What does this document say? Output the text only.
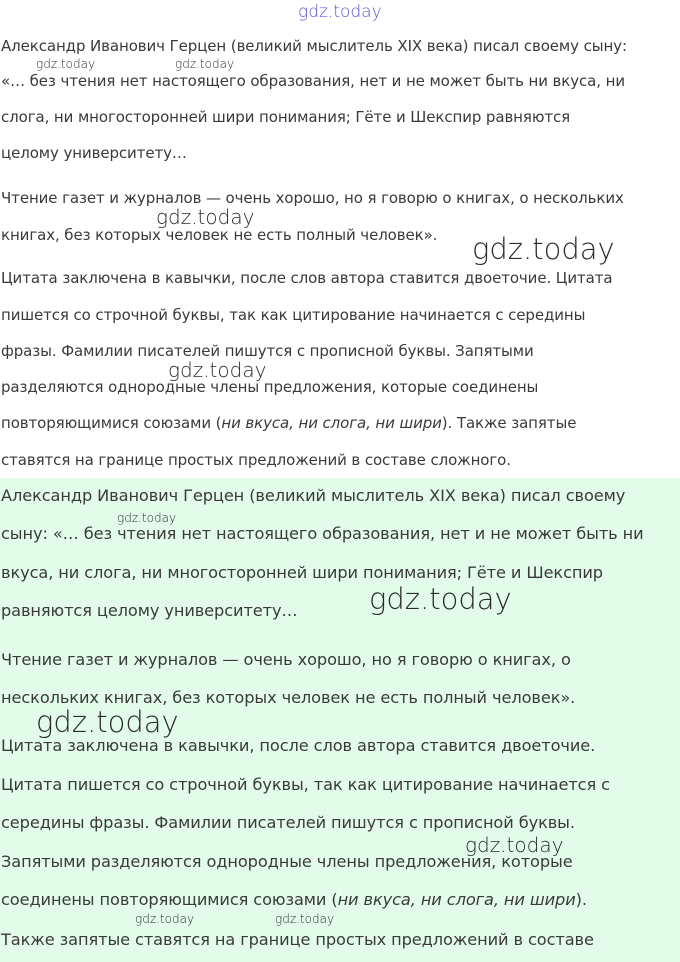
Александр Иванович Герцен (великий мыслитель XIX века) писал своему сыну:
«… без чтения нет настоящего образования, нет и не может быть ни вкуса, ни
слога, ни многосторонней шири понимания; Гёте и Шекспир равняются
целому университету…
Чтение газет и журналов — очень хорошо, но я говорю о книгах, о нескольких
книгах, без которых человек не есть полный человек».
Цитата заключена в кавычки, после слов автора ставится двоеточие. Цитата
пишется со строчной буквы, так как цитирование начинается с середины
фразы. Фамилии писателей пишутся с прописной буквы. Запятыми
разделяются однородные члены предложения, которые соединены
повторяющимися союзами (ни вкуса, ни слога, ни шири). Также запятые
ставятся на границе простых предложений в составе сложного.
Александр Иванович Герцен (великий мыслитель XIX века) писал своему
сыну: «… без чтения нет настоящего образования, нет и не может быть ни
вкуса, ни слога, ни многосторонней шири понимания; Гёте и Шекспир
равняются целому университету…
Чтение газет и журналов — очень хорошо, но я говорю о книгах, о
нескольких книгах, без которых человек не есть полный человек».
Цитата заключена в кавычки, после слов автора ставится двоеточие.
Цитата пишется со строчной буквы, так как цитирование начинается с
середины фразы. Фамилии писателей пишутся с прописной буквы.
Запятыми разделяются однородные члены предложения, которые
соединены повторяющимися союзами (ни вкуса, ни слога, ни шири).
Также запятые ставятся на границе простых предложений в составе
gdz.today
gdz.today	gdz.today
gdz.today
gdz.today
gdz.today
gdz.today
gdz.today
gdz.today
gdz.today
gdz.today	gdz.today
